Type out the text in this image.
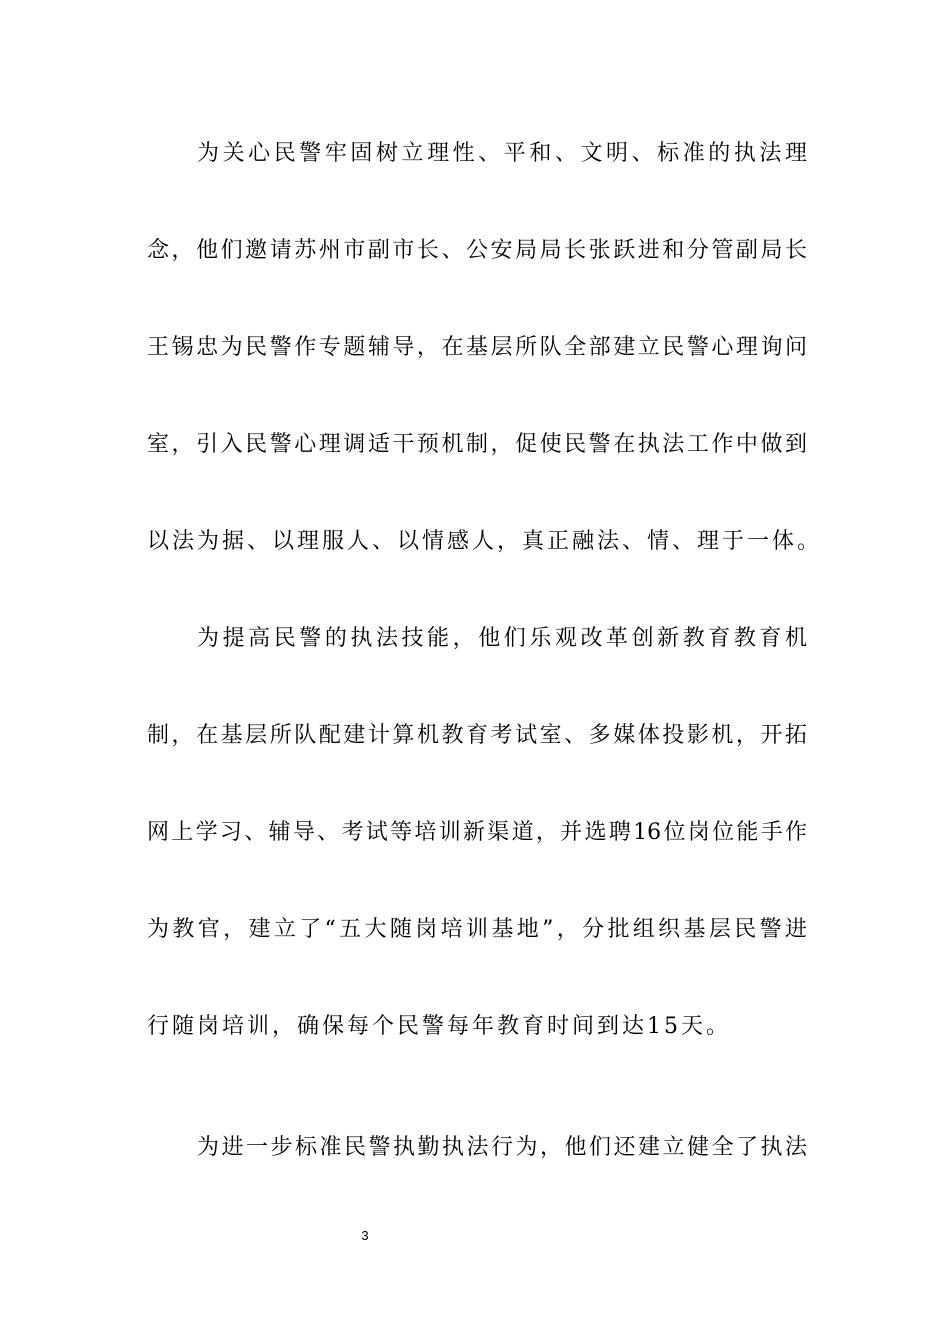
为关心民警牢固树立理性、平和、文明、标准的执法理
念，他们邀请苏州市副市长、公安局局长张跃进和分管副局长
王锡忠为民警作专题辅导，在基层所队全部建立民警心理询问
室，引入民警心理调适干预机制，促使民警在执法工作中做到
以法为据、以理服人、以情感人，真正融法、情、理于一体。
为提高民警的执法技能，他们乐观改革创新教育教育机
制，在基层所队配建计算机教育考试室、多媒体投影机，开拓
网上学习、辅导、考试等培训新渠道，并选聘16位岗位能手作
为教官，建立了“五大随岗培训基地”，分批组织基层民警进
行随岗培训，确保每个民警每年教育时间到达15天。
为进一步标准民警执勤执法行为，他们还建立健全了执法
3
